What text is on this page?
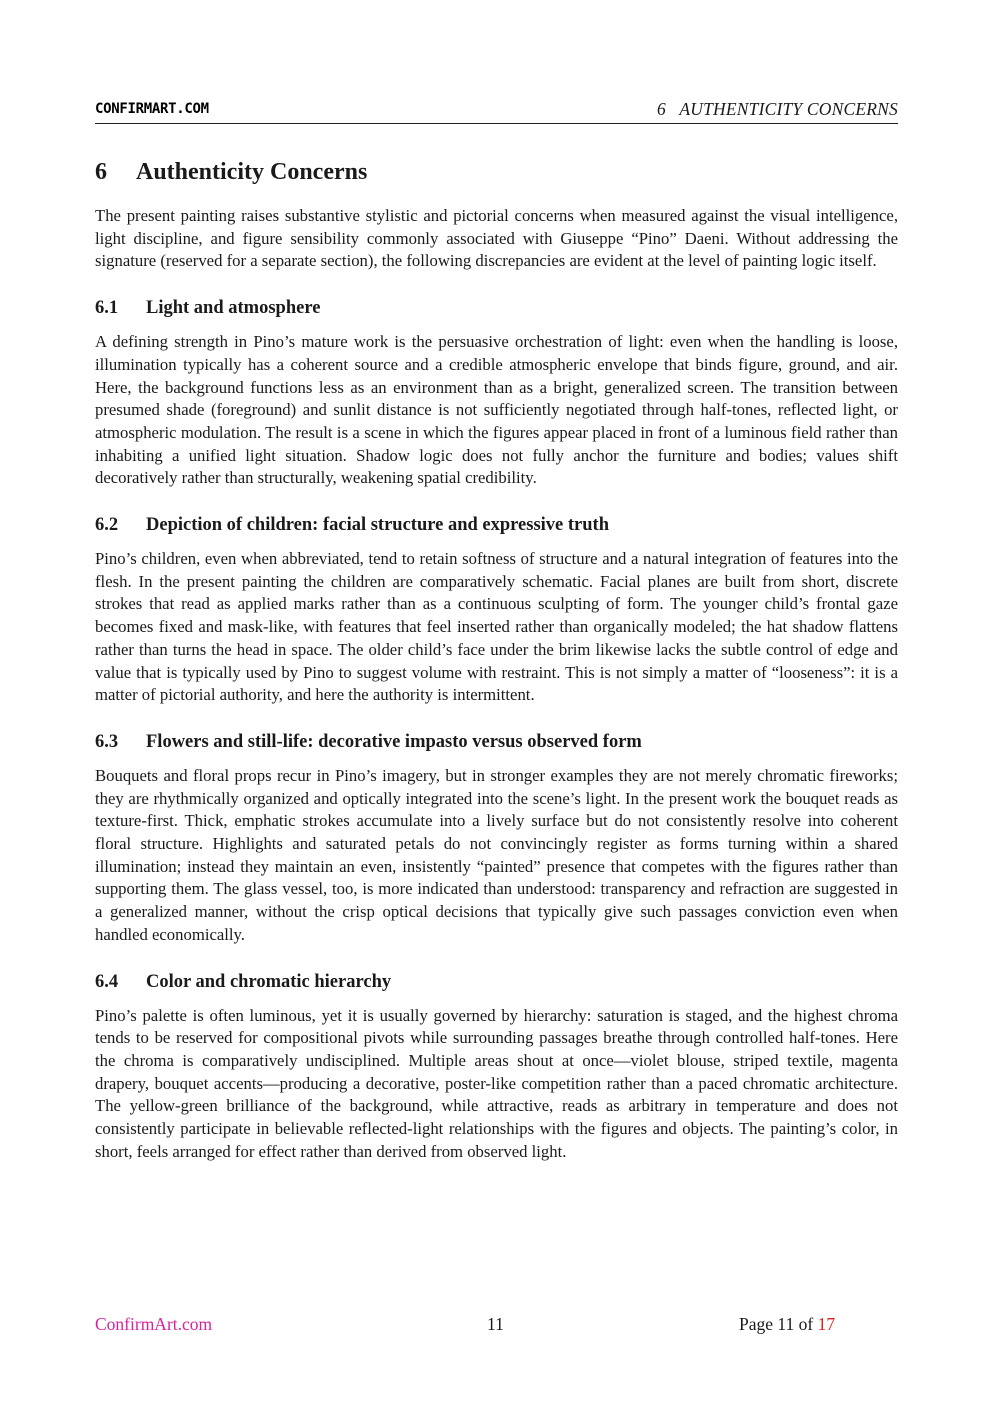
CONFIRMART.COM	6   AUTHENTICITY CONCERNS
6 Authenticity Concerns

The present painting raises substantive stylistic and pictorial concerns when measured against the visual intelligence, light discipline, and figure sensibility commonly associated with Giuseppe “Pino” Daeni. Without addressing the signature (reserved for a separate section), the following discrepancies are evident at the level of painting logic itself.

6.1 Light and atmosphere

A defining strength in Pino’s mature work is the persuasive orchestration of light: even when the handling is loose, illumination typically has a coherent source and a credible atmospheric envelope that binds figure, ground, and air. Here, the background functions less as an environment than as a bright, generalized screen. The transition between presumed shade (foreground) and sunlit distance is not sufficiently negotiated through half-tones, reflected light, or atmospheric modulation. The result is a scene in which the figures appear placed in front of a luminous field rather than inhabiting a unified light situation. Shadow logic does not fully anchor the furniture and bodies; values shift decoratively rather than structurally, weakening spatial credibility.

6.2 Depiction of children: facial structure and expressive truth

Pino’s children, even when abbreviated, tend to retain softness of structure and a natural integration of features into the flesh. In the present painting the children are comparatively schematic. Facial planes are built from short, discrete strokes that read as applied marks rather than as a continuous sculpting of form. The younger child’s frontal gaze becomes fixed and mask-like, with features that feel inserted rather than organically modeled; the hat shadow flattens rather than turns the head in space. The older child’s face under the brim likewise lacks the subtle control of edge and value that is typically used by Pino to suggest volume with restraint. This is not simply a matter of “looseness”: it is a matter of pictorial authority, and here the authority is intermittent.

6.3 Flowers and still-life: decorative impasto versus observed form

Bouquets and floral props recur in Pino’s imagery, but in stronger examples they are not merely chromatic fireworks; they are rhythmically organized and optically integrated into the scene’s light. In the present work the bouquet reads as texture-first. Thick, emphatic strokes accumulate into a lively surface but do not consistently resolve into coherent floral structure. Highlights and saturated petals do not convincingly register as forms turning within a shared illumination; instead they maintain an even, insistently “painted” presence that competes with the figures rather than supporting them. The glass vessel, too, is more indicated than understood: transparency and refraction are suggested in a generalized manner, without the crisp optical decisions that typically give such passages conviction even when handled economically.

6.4 Color and chromatic hierarchy

Pino’s palette is often luminous, yet it is usually governed by hierarchy: saturation is staged, and the highest chroma tends to be reserved for compositional pivots while surrounding passages breathe through controlled half-tones. Here the chroma is comparatively undisciplined. Multiple areas shout at once—violet blouse, striped textile, magenta drapery, bouquet accents—producing a decorative, poster-like competition rather than a paced chromatic architecture. The yellow-green brilliance of the background, while attractive, reads as arbitrary in temperature and does not consistently participate in believable reflected-light relationships with the figures and objects. The painting’s color, in short, feels arranged for effect rather than derived from observed light.

ConfirmArt.com	11	Page 11 of 17
